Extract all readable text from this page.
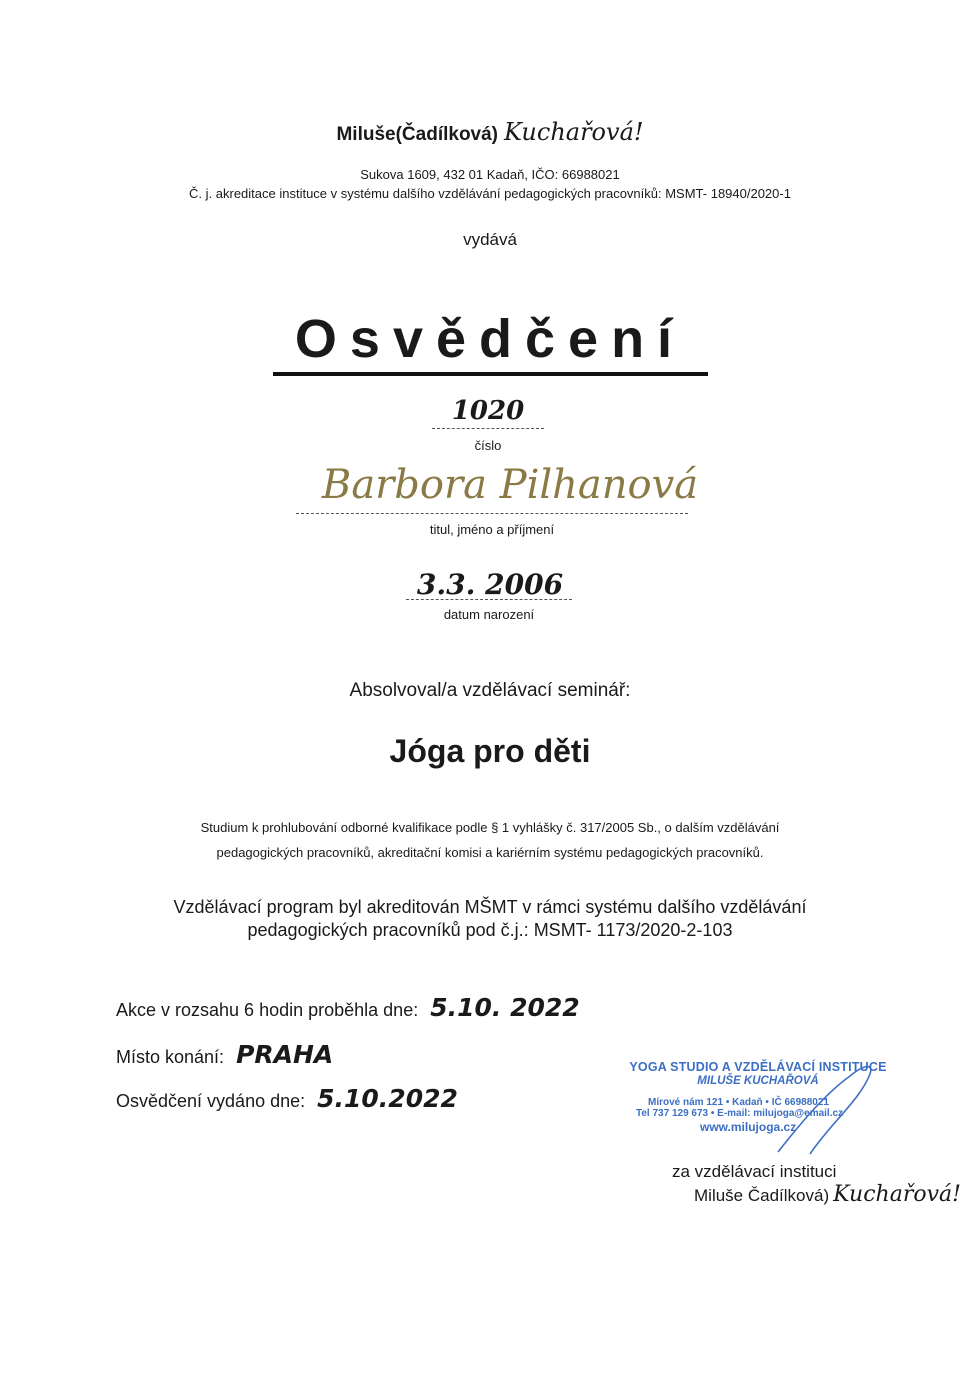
Miluše (Čadílková) Kuchařová!
Sukova 1609, 432 01 Kadaň, IČO: 66988021
Č. j. akreditace instituce v systému dalšího vzdělávání pedagogických pracovníků: MSMT- 18940/2020-1
vydává
Osvědčení
1020
číslo
Barbora Pilhanová
titul, jméno a příjmení
3.3. 2006
datum narození
Absolvoval/a vzdělávací seminář:
Jóga pro děti
Studium k prohlubování odborné kvalifikace podle § 1 vyhlášky č. 317/2005 Sb., o dalším vzdělávání
pedagogických pracovníků, akreditační komisi a kariérním systému pedagogických pracovníků.
Vzdělávací program byl akreditován MŠMT v rámci systému dalšího vzdělávání
pedagogických pracovníků pod č.j.: MSMT- 1173/2020-2-103
Akce v rozsahu 6 hodin proběhla dne: 5.10. 2022
Místo konání: PRAHA
Osvědčení vydáno dne: 5.10.2022
YOGA STUDIO A VZDĚLÁVACÍ INSTITUCE
MILUŠE KUCHAŘOVÁ
Mírové nám 121 • Kadaň • IČ 66988021
Tel 737 129 673 • E-mail: milujoga@email.cz
www.milujoga.cz
za vzdělávací instituci
Miluše Čadílková) Kuchařová!
